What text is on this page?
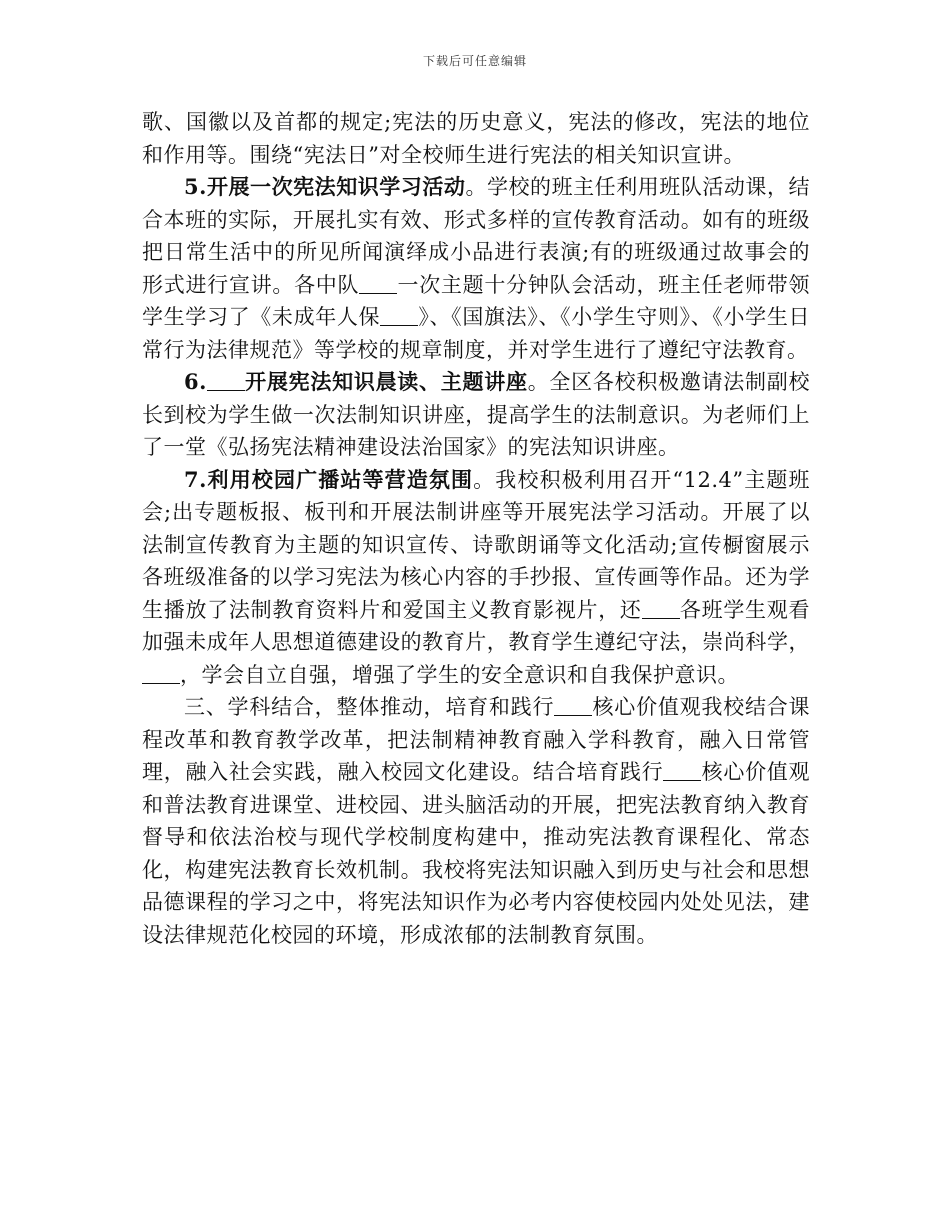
下载后可任意编辑

歌、国徽以及首都的规定;宪法的历史意义，宪法的修改，宪法的地位和作用等。围绕“宪法日”对全校师生进行宪法的相关知识宣讲。

5.开展一次宪法知识学习活动。学校的班主任利用班队活动课，结合本班的实际，开展扎实有效、形式多样的宣传教育活动。如有的班级把日常生活中的所见所闻演绎成小品进行表演;有的班级通过故事会的形式进行宣讲。各中队 一次主题十分钟队会活动，班主任老师带领学生学习了《未成年人保 》、《国旗法》、《小学生守则》、《小学生日常行为法律规范》等学校的规章制度，并对学生进行了遵纪守法教育。

6. 开展宪法知识晨读、主题讲座。全区各校积极邀请法制副校长到校为学生做一次法制知识讲座，提高学生的法制意识。为老师们上了一堂《弘扬宪法精神建设法治国家》的宪法知识讲座。

7.利用校园广播站等营造氛围。我校积极利用召开“12.4”主题班会;出专题板报、板刊和开展法制讲座等开展宪法学习活动。开展了以法制宣传教育为主题的知识宣传、诗歌朗诵等文化活动;宣传橱窗展示各班级准备的以学习宪法为核心内容的手抄报、宣传画等作品。还为学生播放了法制教育资料片和爱国主义教育影视片，还 各班学生观看加强未成年人思想道德建设的教育片，教育学生遵纪守法，崇尚科学，，学会自立自强，增强了学生的安全意识和自我保护意识。

三、学科结合，整体推动，培育和践行 核心价值观我校结合课程改革和教育教学改革，把法制精神教育融入学科教育，融入日常管理，融入社会实践，融入校园文化建设。结合培育践行 核心价值观和普法教育进课堂、进校园、进头脑活动的开展，把宪法教育纳入教育督导和依法治校与现代学校制度构建中，推动宪法教育课程化、常态化，构建宪法教育长效机制。我校将宪法知识融入到历史与社会和思想品德课程的学习之中，将宪法知识作为必考内容使校园内处处见法，建设法律规范化校园的环境，形成浓郁的法制教育氛围。
